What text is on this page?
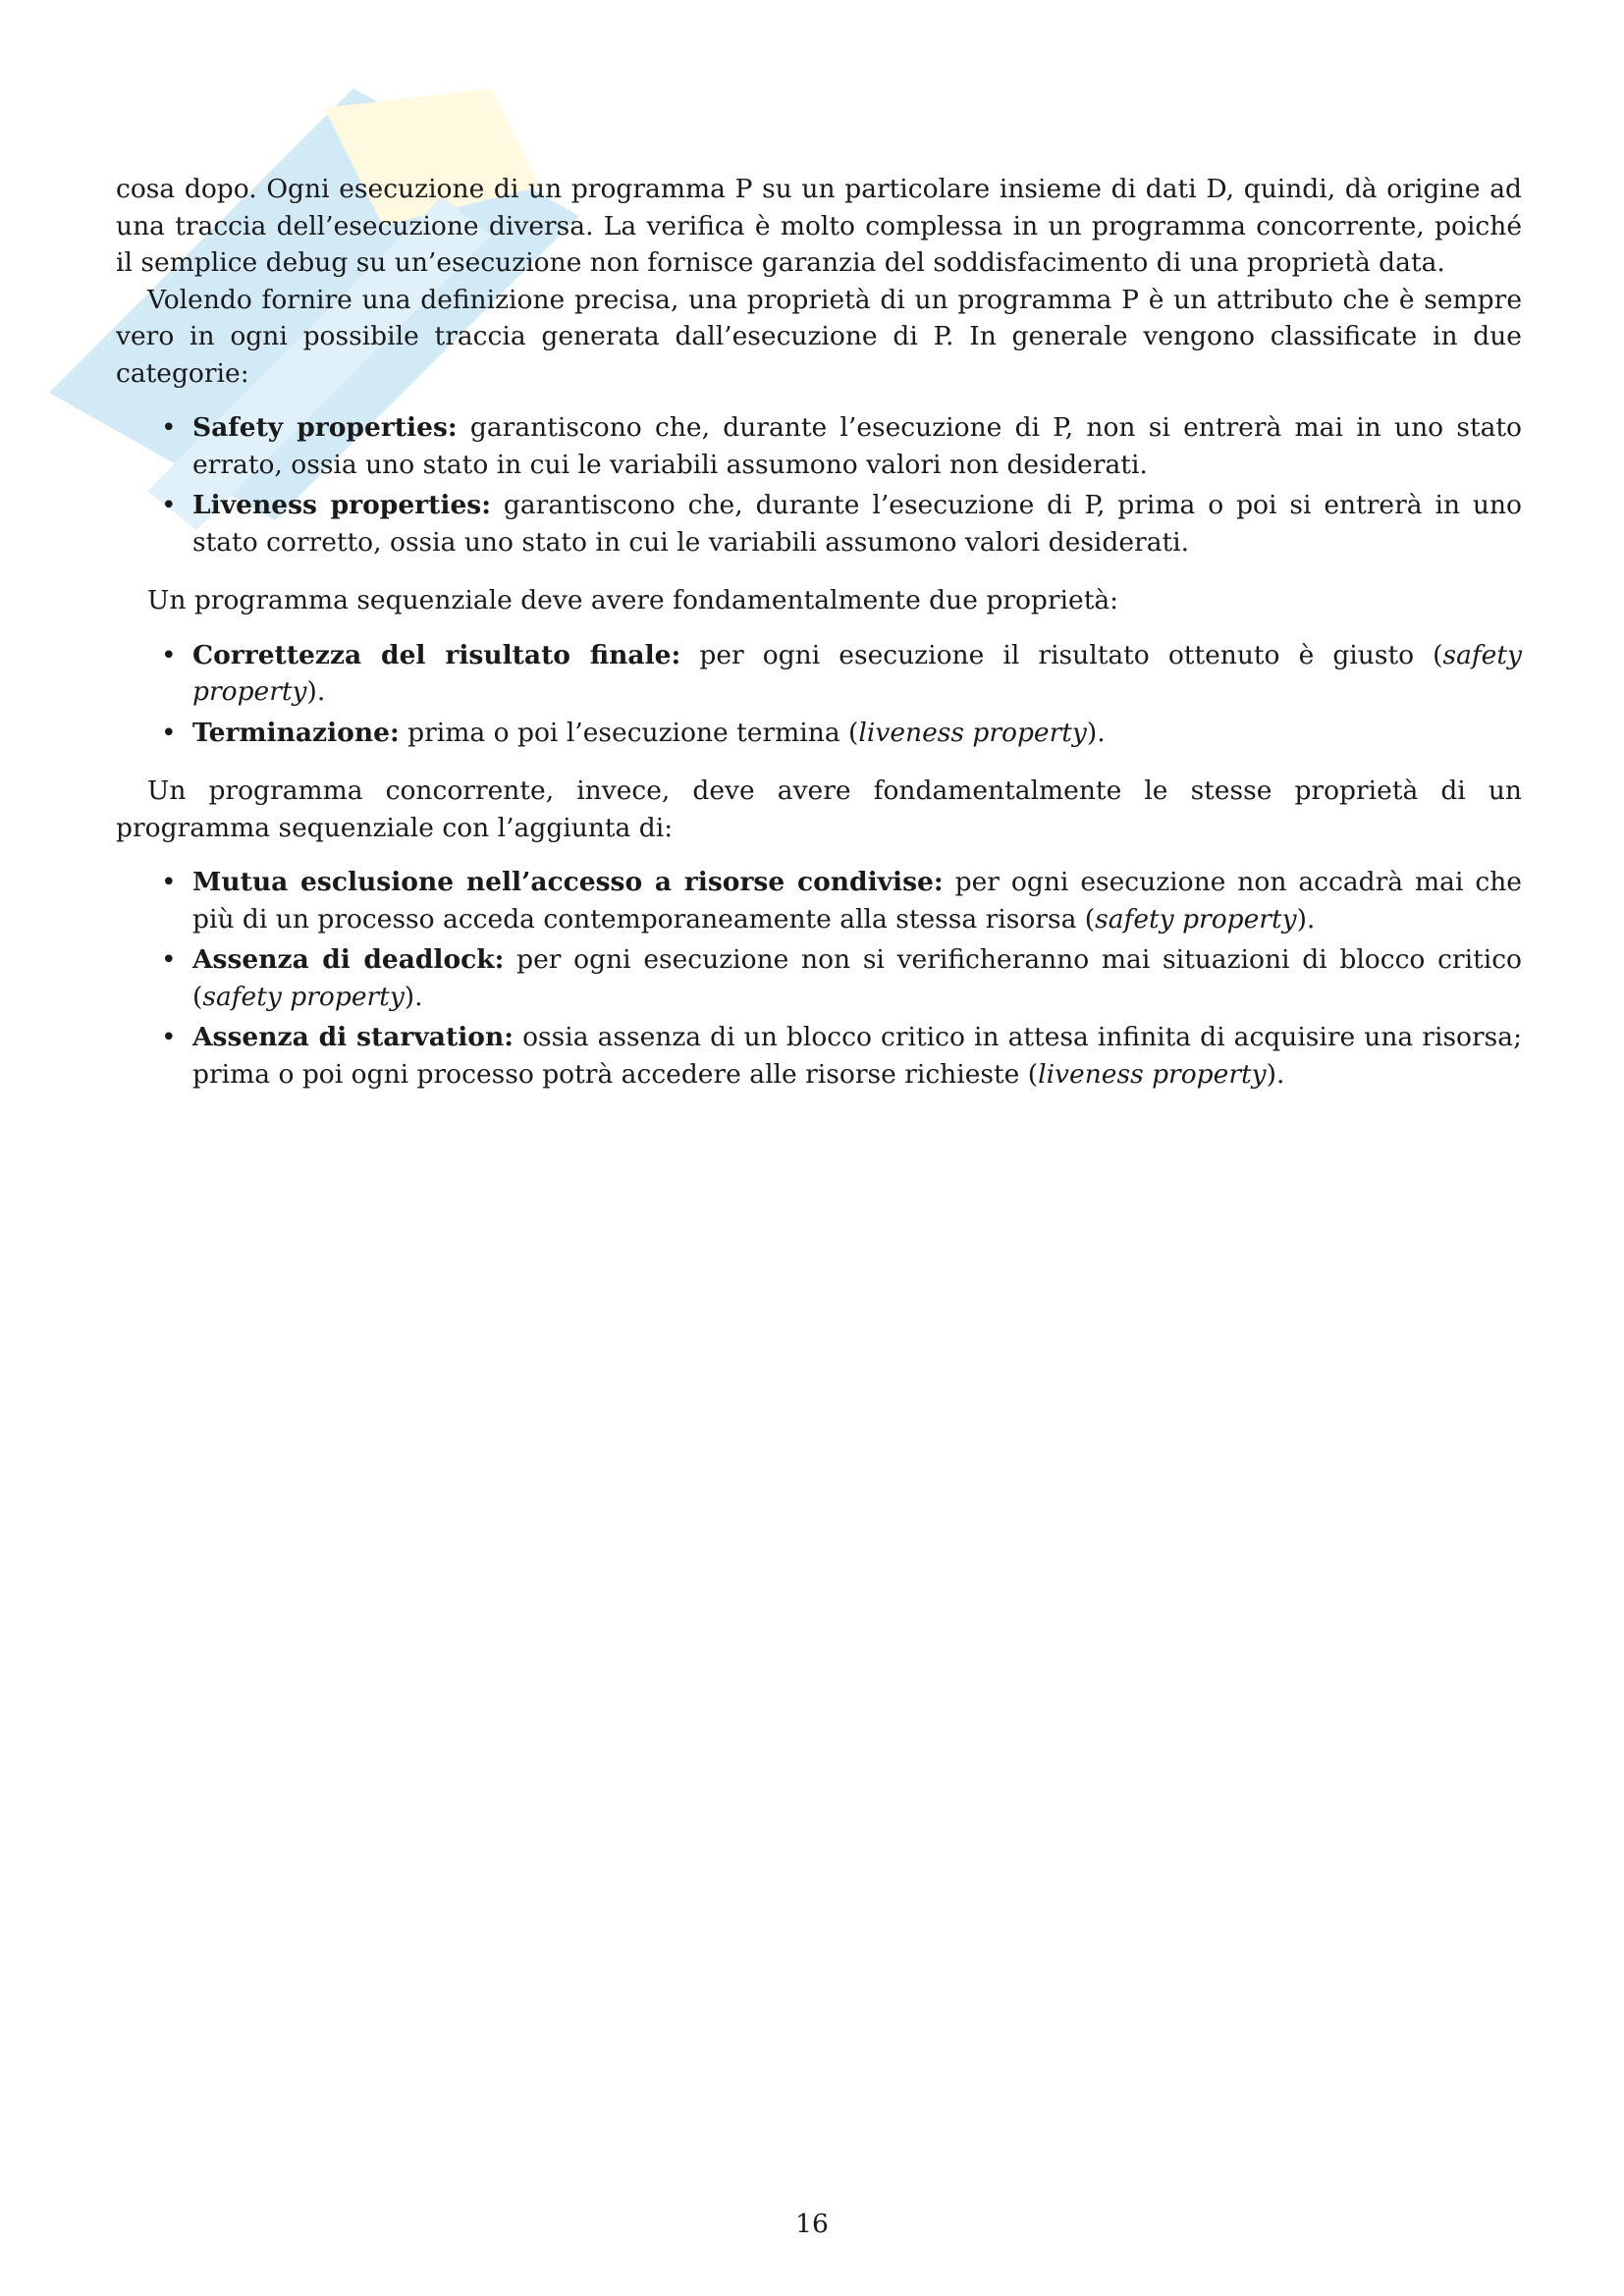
cosa dopo. Ogni esecuzione di un programma P su un particolare insieme di dati D, quindi, dà origine ad una traccia dell’esecuzione diversa. La verifica è molto complessa in un programma concorrente, poiché il semplice debug su un’esecuzione non fornisce garanzia del soddisfacimento di una proprietà data.

Volendo fornire una definizione precisa, una proprietà di un programma P è un attributo che è sempre vero in ogni possibile traccia generata dall’esecuzione di P. In generale vengono classificate in due categorie:

• Safety properties: garantiscono che, durante l’esecuzione di P, non si entrerà mai in uno stato errato, ossia uno stato in cui le variabili assumono valori non desiderati.
• Liveness properties: garantiscono che, durante l’esecuzione di P, prima o poi si entrerà in uno stato corretto, ossia uno stato in cui le variabili assumono valori desiderati.

Un programma sequenziale deve avere fondamentalmente due proprietà:

• Correttezza del risultato finale: per ogni esecuzione il risultato ottenuto è giusto (safety property).
• Terminazione: prima o poi l’esecuzione termina (liveness property).

Un programma concorrente, invece, deve avere fondamentalmente le stesse proprietà di un programma sequenziale con l’aggiunta di:

• Mutua esclusione nell’accesso a risorse condivise: per ogni esecuzione non accadrà mai che più di un processo acceda contemporaneamente alla stessa risorsa (safety property).
• Assenza di deadlock: per ogni esecuzione non si verificheranno mai situazioni di blocco critico (safety property).
• Assenza di starvation: ossia assenza di un blocco critico in attesa infinita di acquisire una risorsa; prima o poi ogni processo potrà accedere alle risorse richieste (liveness property).
16
